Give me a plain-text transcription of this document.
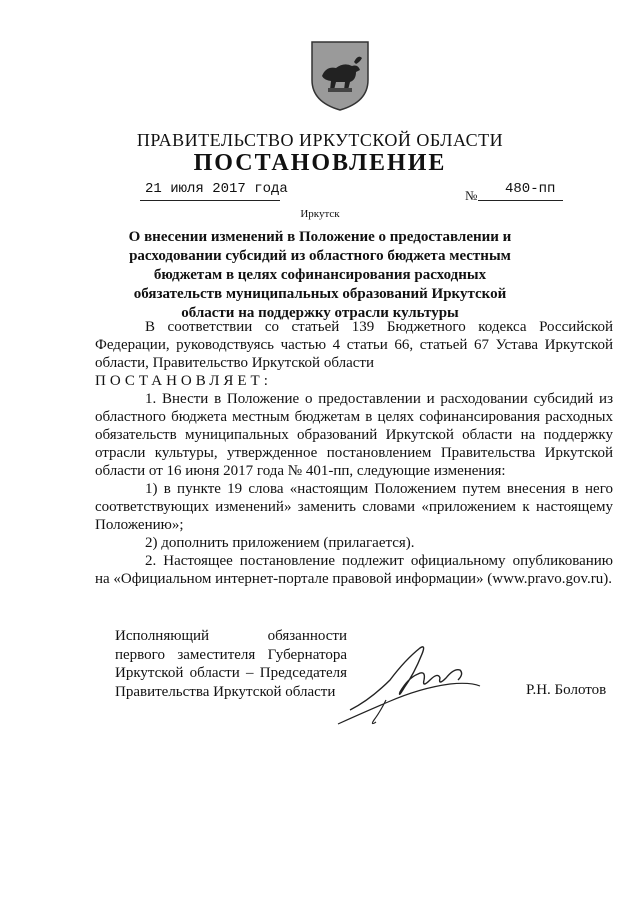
ПРАВИТЕЛЬСТВО ИРКУТСКОЙ ОБЛАСТИ
ПОСТАНОВЛЕНИЕ
21 июля 2017 года	№ 480-пп
Иркутск
О внесении изменений в Положение о предоставлении и расходовании субсидий из областного бюджета местным бюджетам в целях софинансирования расходных обязательств муниципальных образований Иркутской области на поддержку отрасли культуры

В соответствии со статьей 139 Бюджетного кодекса Российской Федерации, руководствуясь частью 4 статьи 66, статьей 67 Устава Иркутской области, Правительство Иркутской области

ПОСТАНОВЛЯЕТ:

1. Внести в Положение о предоставлении и расходовании субсидий из областного бюджета местным бюджетам в целях софинансирования расходных обязательств муниципальных образований Иркутской области на поддержку отрасли культуры, утвержденное постановлением Правительства Иркутской области от 16 июня 2017 года № 401-пп, следующие изменения:

1) в пункте 19 слова «настоящим Положением путем внесения в него соответствующих изменений» заменить словами «приложением к настоящему Положению»;

2) дополнить приложением (прилагается).

2. Настоящее постановление подлежит официальному опубликованию на «Официальном интернет-портале правовой информации» (www.pravo.gov.ru).

Исполняющий	обязанности
первого заместителя Губернатора
Иркутской области – Председателя
Правительства Иркутской области	Р.Н. Болотов
